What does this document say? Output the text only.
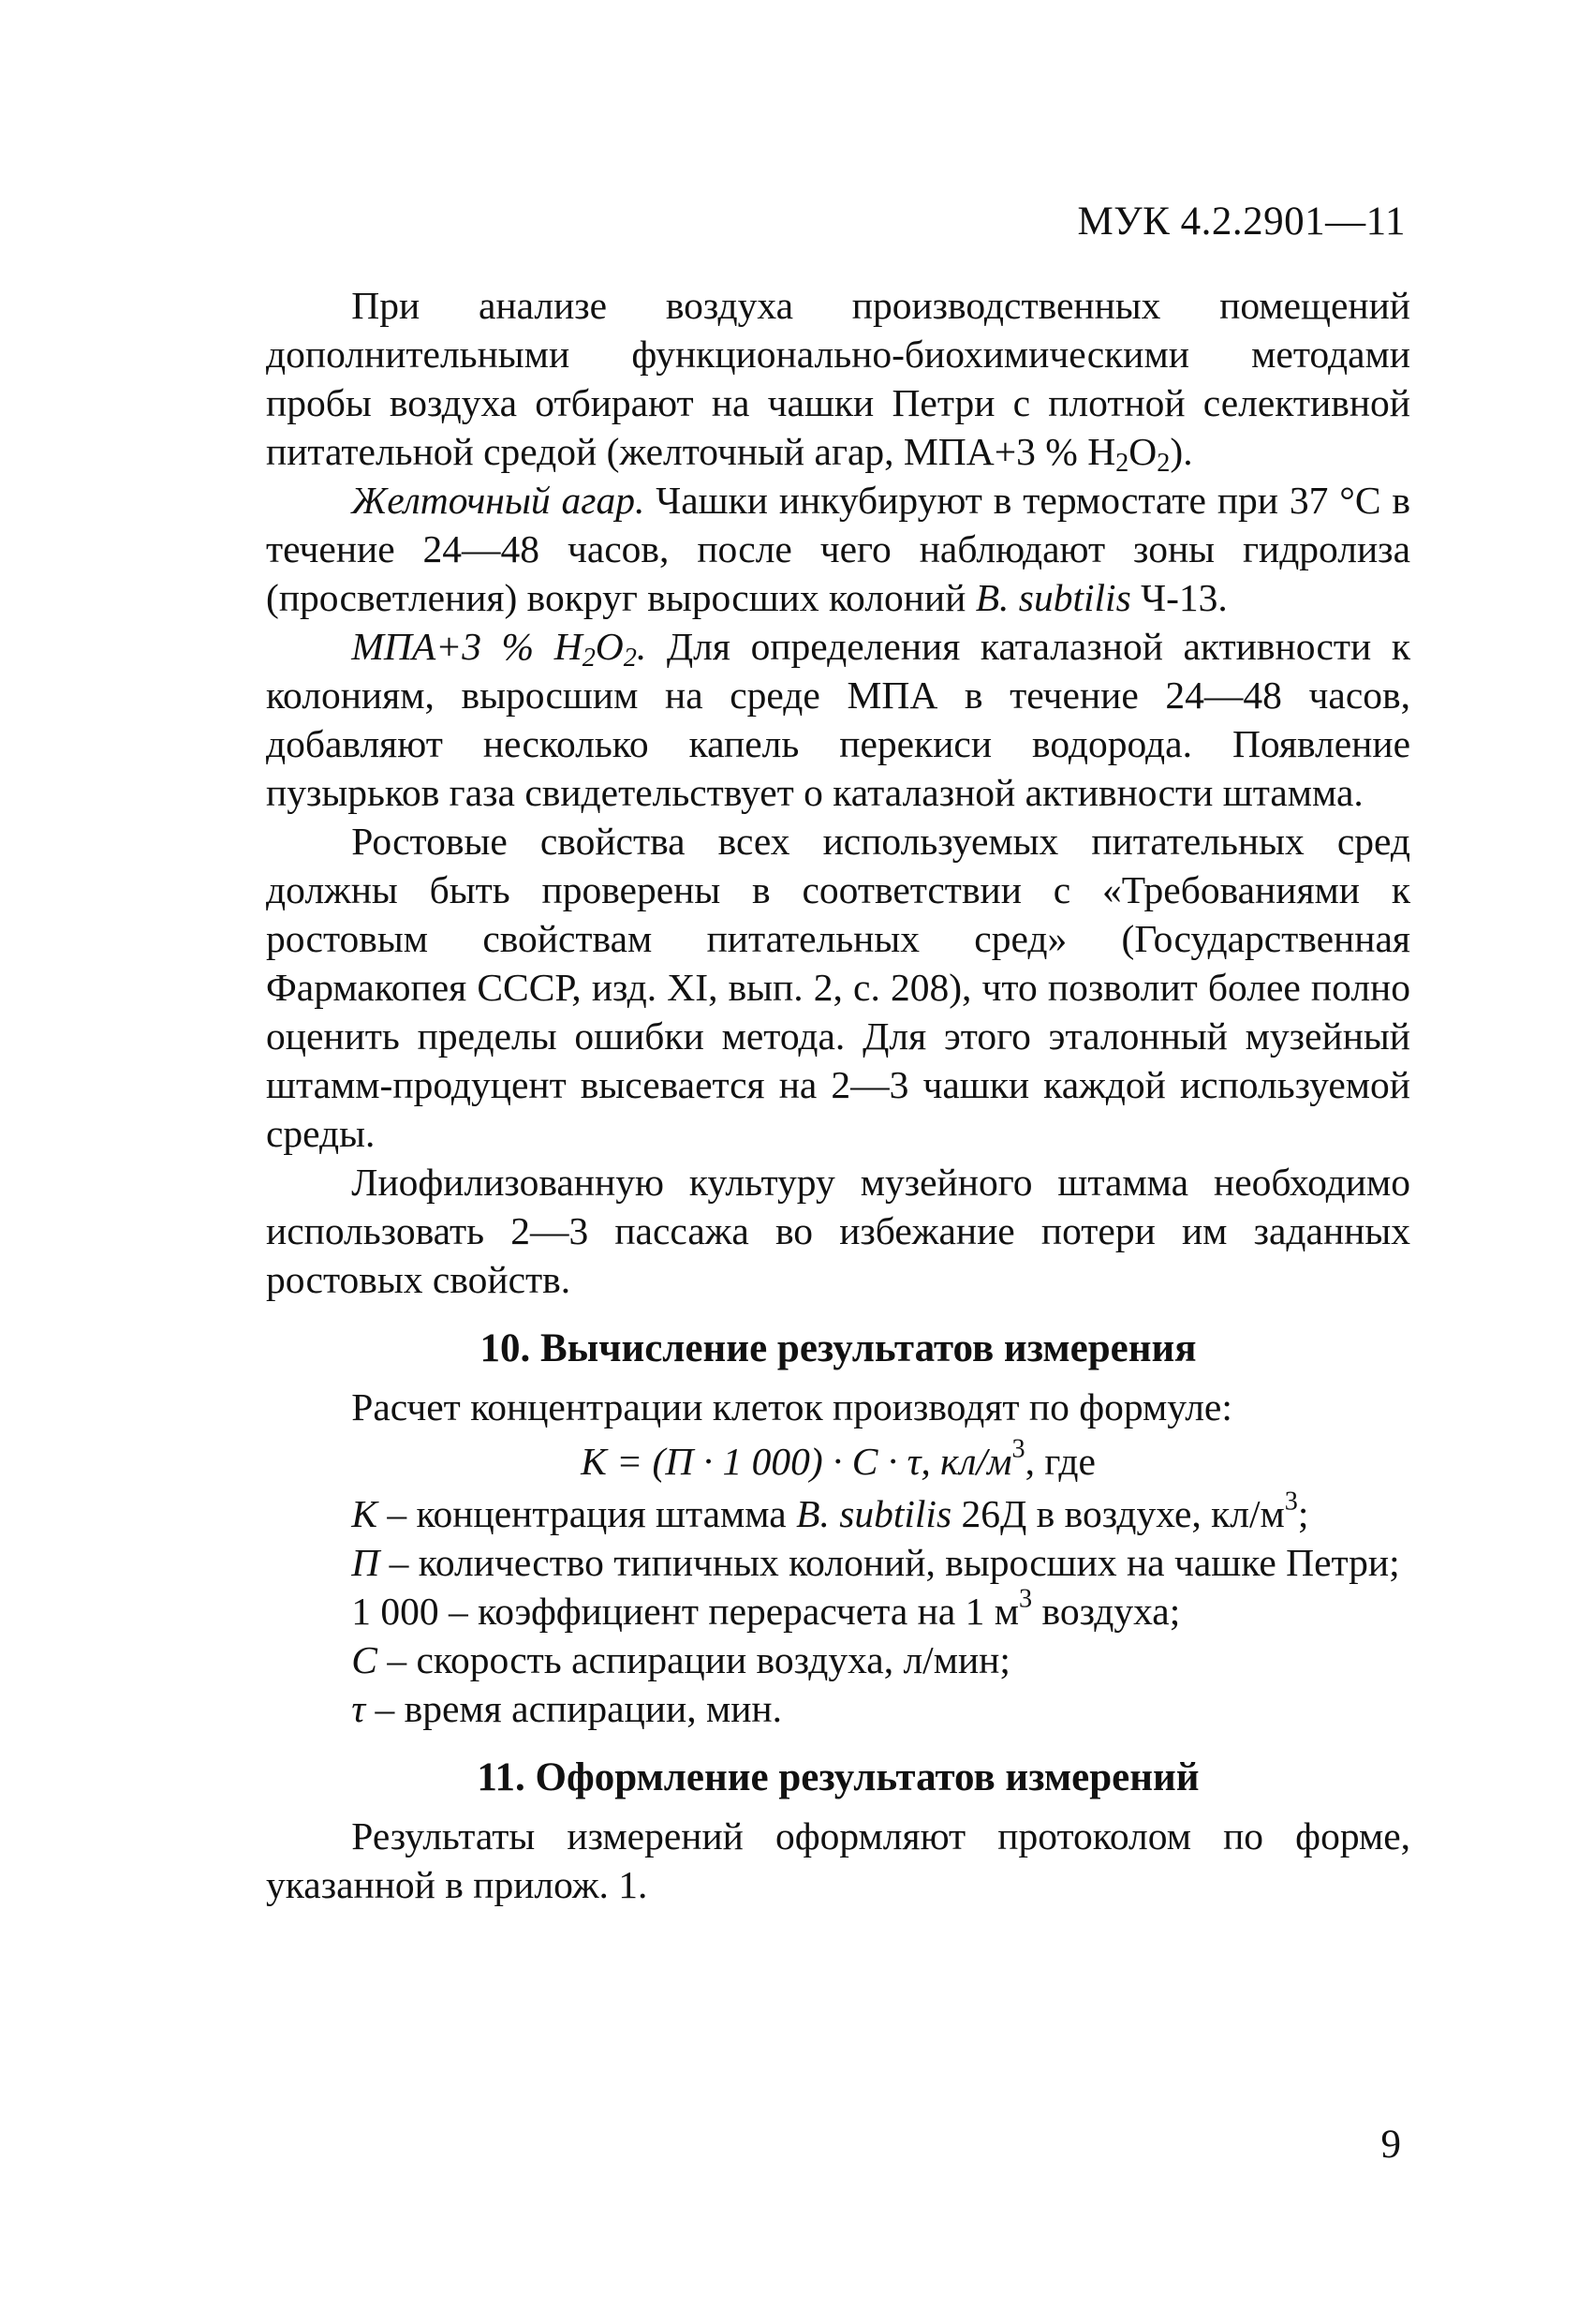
МУК 4.2.2901—11

При анализе воздуха производственных помещений дополнительными функционально-биохимическими методами пробы воздуха отбирают на чашки Петри с плотной селективной питательной средой (желточный агар, МПА+3 % $H_2O_2$).

Желточный агар. Чашки инкубируют в термостате при 37 °С в течение 24—48 часов, после чего наблюдают зоны гидролиза (просветления) вокруг выросших колоний B. subtilis Ч-13.

МПА+3 % $H_2O_2$. Для определения каталазной активности к колониям, выросшим на среде МПА в течение 24—48 часов, добавляют несколько капель перекиси водорода. Появление пузырьков газа свидетельствует о каталазной активности штамма.

Ростовые свойства всех используемых питательных сред должны быть проверены в соответствии с «Требованиями к ростовым свойствам питательных сред» (Государственная Фармакопея СССР, изд. XI, вып. 2, с. 208), что позволит более полно оценить пределы ошибки метода. Для этого эталонный музейный штамм-продуцент высевается на 2—3 чашки каждой используемой среды.

Лиофилизованную культуру музейного штамма необходимо использовать 2—3 пассажа во избежание потери им заданных ростовых свойств.

10. Вычисление результатов измерения

Расчет концентрации клеток производят по формуле:

K = (П · 1 000) · C · τ, $кл/м^3$, где

K – концентрация штамма B. subtilis 26Д в воздухе, $кл/м^3$;

П – количество типичных колоний, выросших на чашке Петри;

1 000 – коэффициент перерасчета на 1 $м^3$ воздуха;

C – скорость аспирации воздуха, л/мин;

τ – время аспирации, мин.

11. Оформление результатов измерений

Результаты измерений оформляют протоколом по форме, указанной в прилож. 1.

9
